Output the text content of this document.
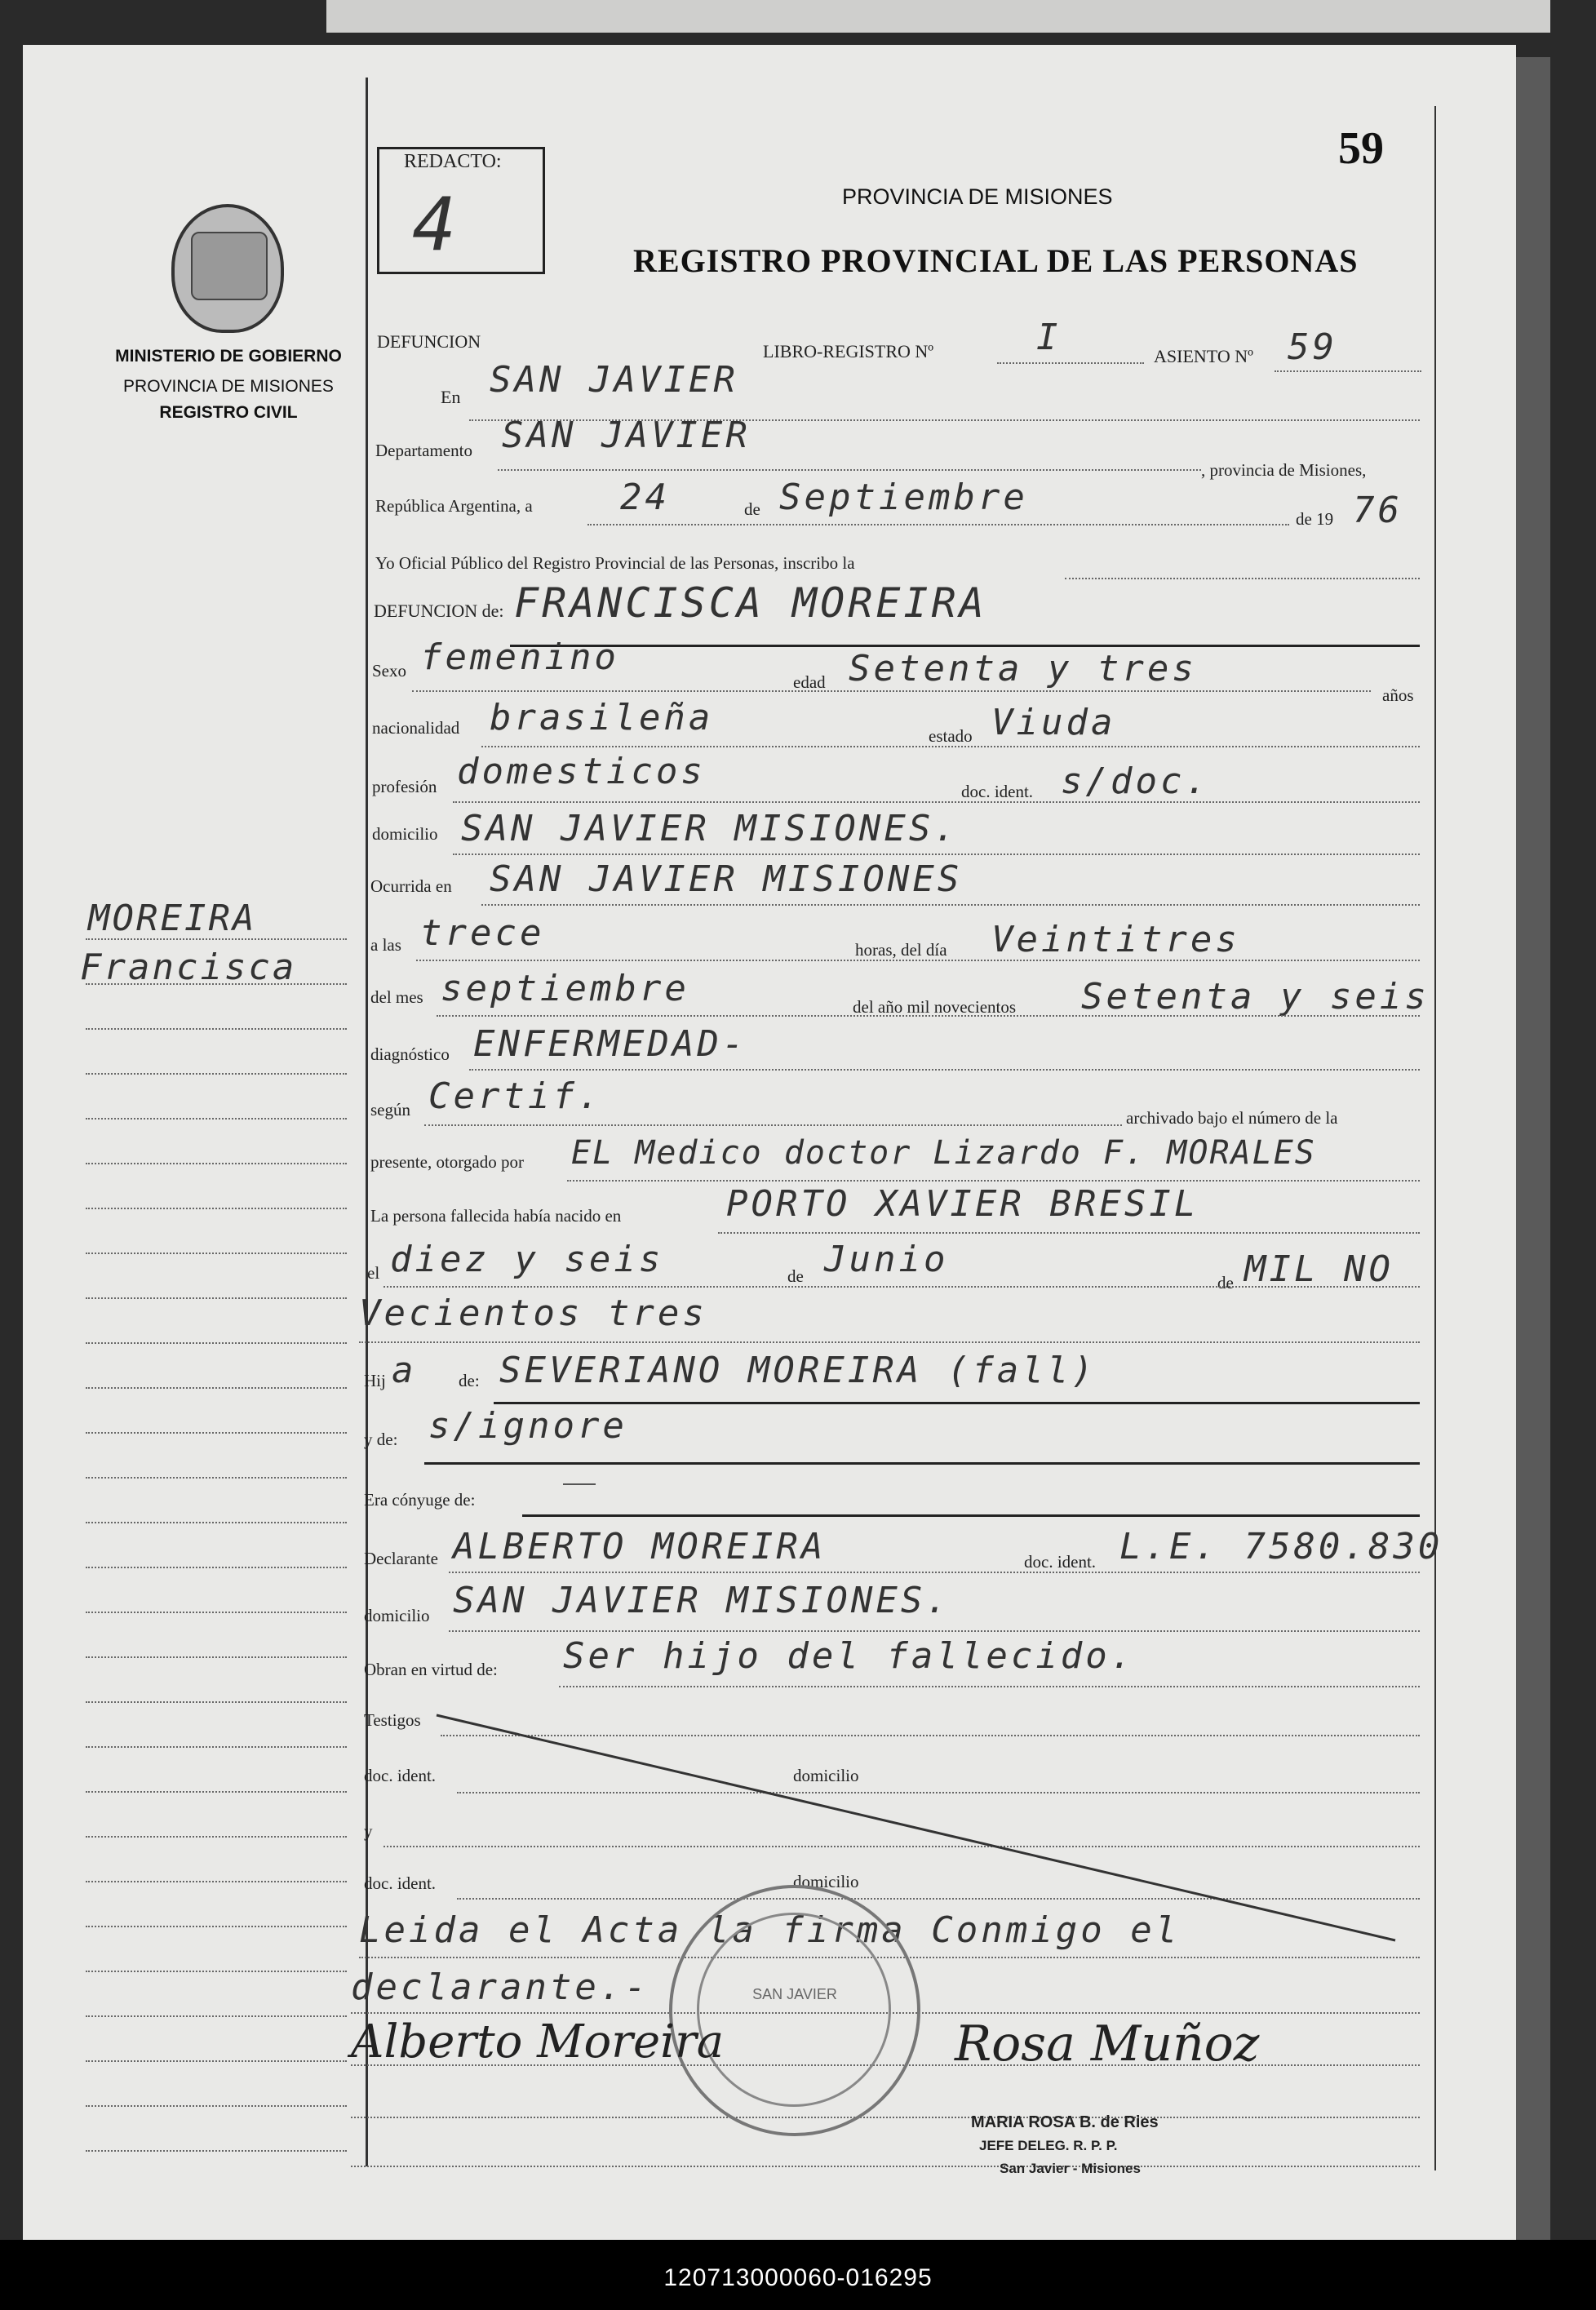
MINISTERIO DE GOBIERNO
PROVINCIA DE MISIONES
REGISTRO CIVIL
MOREIRA
Francisca
REDACTO:
4
59
PROVINCIA DE MISIONES
REGISTRO PROVINCIAL DE LAS PERSONAS
DEFUNCION	LIBRO-REGISTRO Nº	I	ASIENTO Nº 59
En SAN JAVIER
Departamento SAN JAVIER
, provincia de Misiones,
República Argentina, a 24	de Septiembre
de 19 76
Yo Oficial Público del Registro Provincial de las Personas, inscribo la
DEFUNCION de: FRANCISCA MOREIRA
Sexo femenino
edad Setenta y tres
años
nacionalidad brasileña	estado Viuda
profesión domesticos	doc. ident. s/doc.
domicilio SAN JAVIER MISIONES.
Ocurrida en SAN JAVIER MISIONES
a las trece	horas, del día Veintitres
del mes septiembre	del año mil novecientos Setenta y seis
diagnóstico ENFERMEDAD-
según Certif.
archivado bajo el número de la
presente, otorgado por EL Medico doctor Lizardo F. MORALES
La persona fallecida había nacido en	PORTO XAVIER BRESIL
el diez y seis	de Junio
de MIL NO
Vecientos tres
Hij a de: SEVERIANO MOREIRA (fall)
y de: s/ignore
Era cónyuge de:
Declarante ALBERTO MOREIRA	doc. ident. L.E. 7580.830
domicilio SAN JAVIER MISIONES.
Obran en virtud de: Ser hijo del fallecido.
Testigos
doc. ident.	domicilio
y
doc. ident.	domicilio
Leida el Acta la firma Conmigo el
declarante.-	SAN JAVIER
Alberto Moreira	Rosa Muñoz
MARIA ROSA B. de Ries
JEFE DELEG. R. P. P.
San Javier - Misiones
120713000060-016295
